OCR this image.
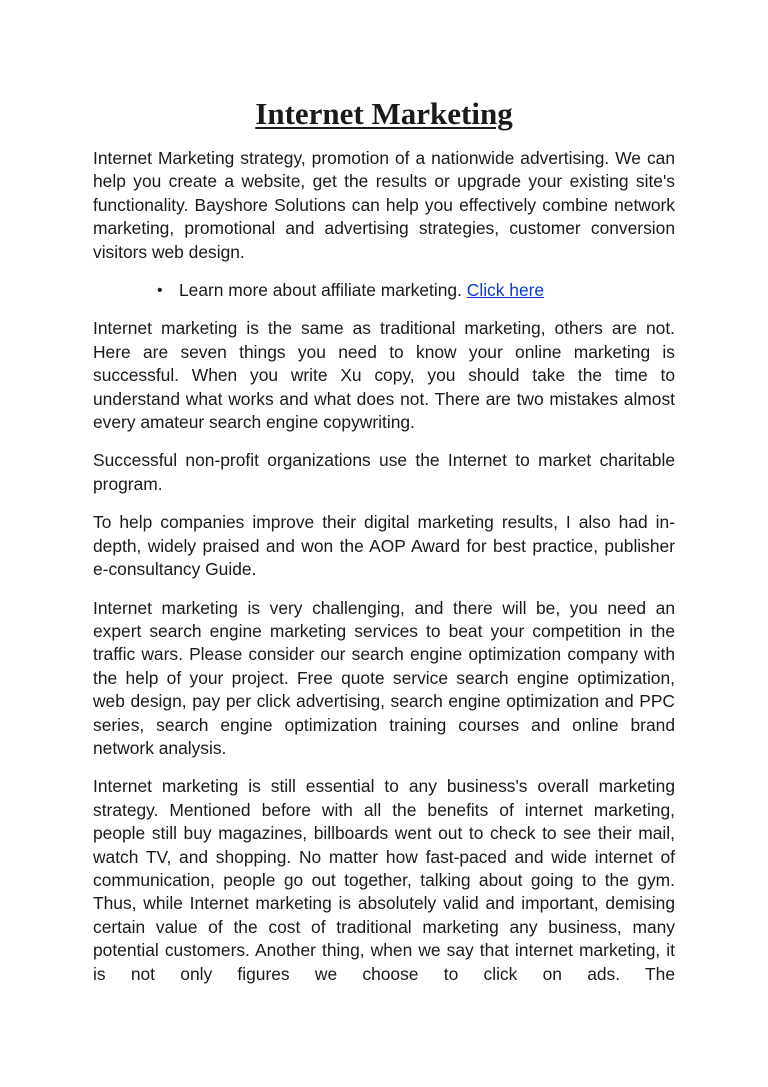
Internet Marketing

Internet Marketing strategy, promotion of a nationwide advertising. We can help you create a website, get the results or upgrade your existing site's functionality. Bayshore Solutions can help you effectively combine network marketing, promotional and advertising strategies, customer conversion visitors web design.

• Learn more about affiliate marketing. Click here

Internet marketing is the same as traditional marketing, others are not. Here are seven things you need to know your online marketing is successful. When you write Xu copy, you should take the time to understand what works and what does not. There are two mistakes almost every amateur search engine copywriting.

Successful non-profit organizations use the Internet to market charitable program.

To help companies improve their digital marketing results, I also had in-depth, widely praised and won the AOP Award for best practice, publisher e-consultancy Guide.

Internet marketing is very challenging, and there will be, you need an expert search engine marketing services to beat your competition in the traffic wars. Please consider our search engine optimization company with the help of your project. Free quote service search engine optimization, web design, pay per click advertising, search engine optimization and PPC series, search engine optimization training courses and online brand network analysis.

Internet marketing is still essential to any business's overall marketing strategy. Mentioned before with all the benefits of internet marketing, people still buy magazines, billboards went out to check to see their mail, watch TV, and shopping. No matter how fast-paced and wide internet of communication, people go out together, talking about going to the gym. Thus, while Internet marketing is absolutely valid and important, demising certain value of the cost of traditional marketing any business, many potential customers. Another thing, when we say that internet marketing, it is not only figures we choose to click on ads. The
